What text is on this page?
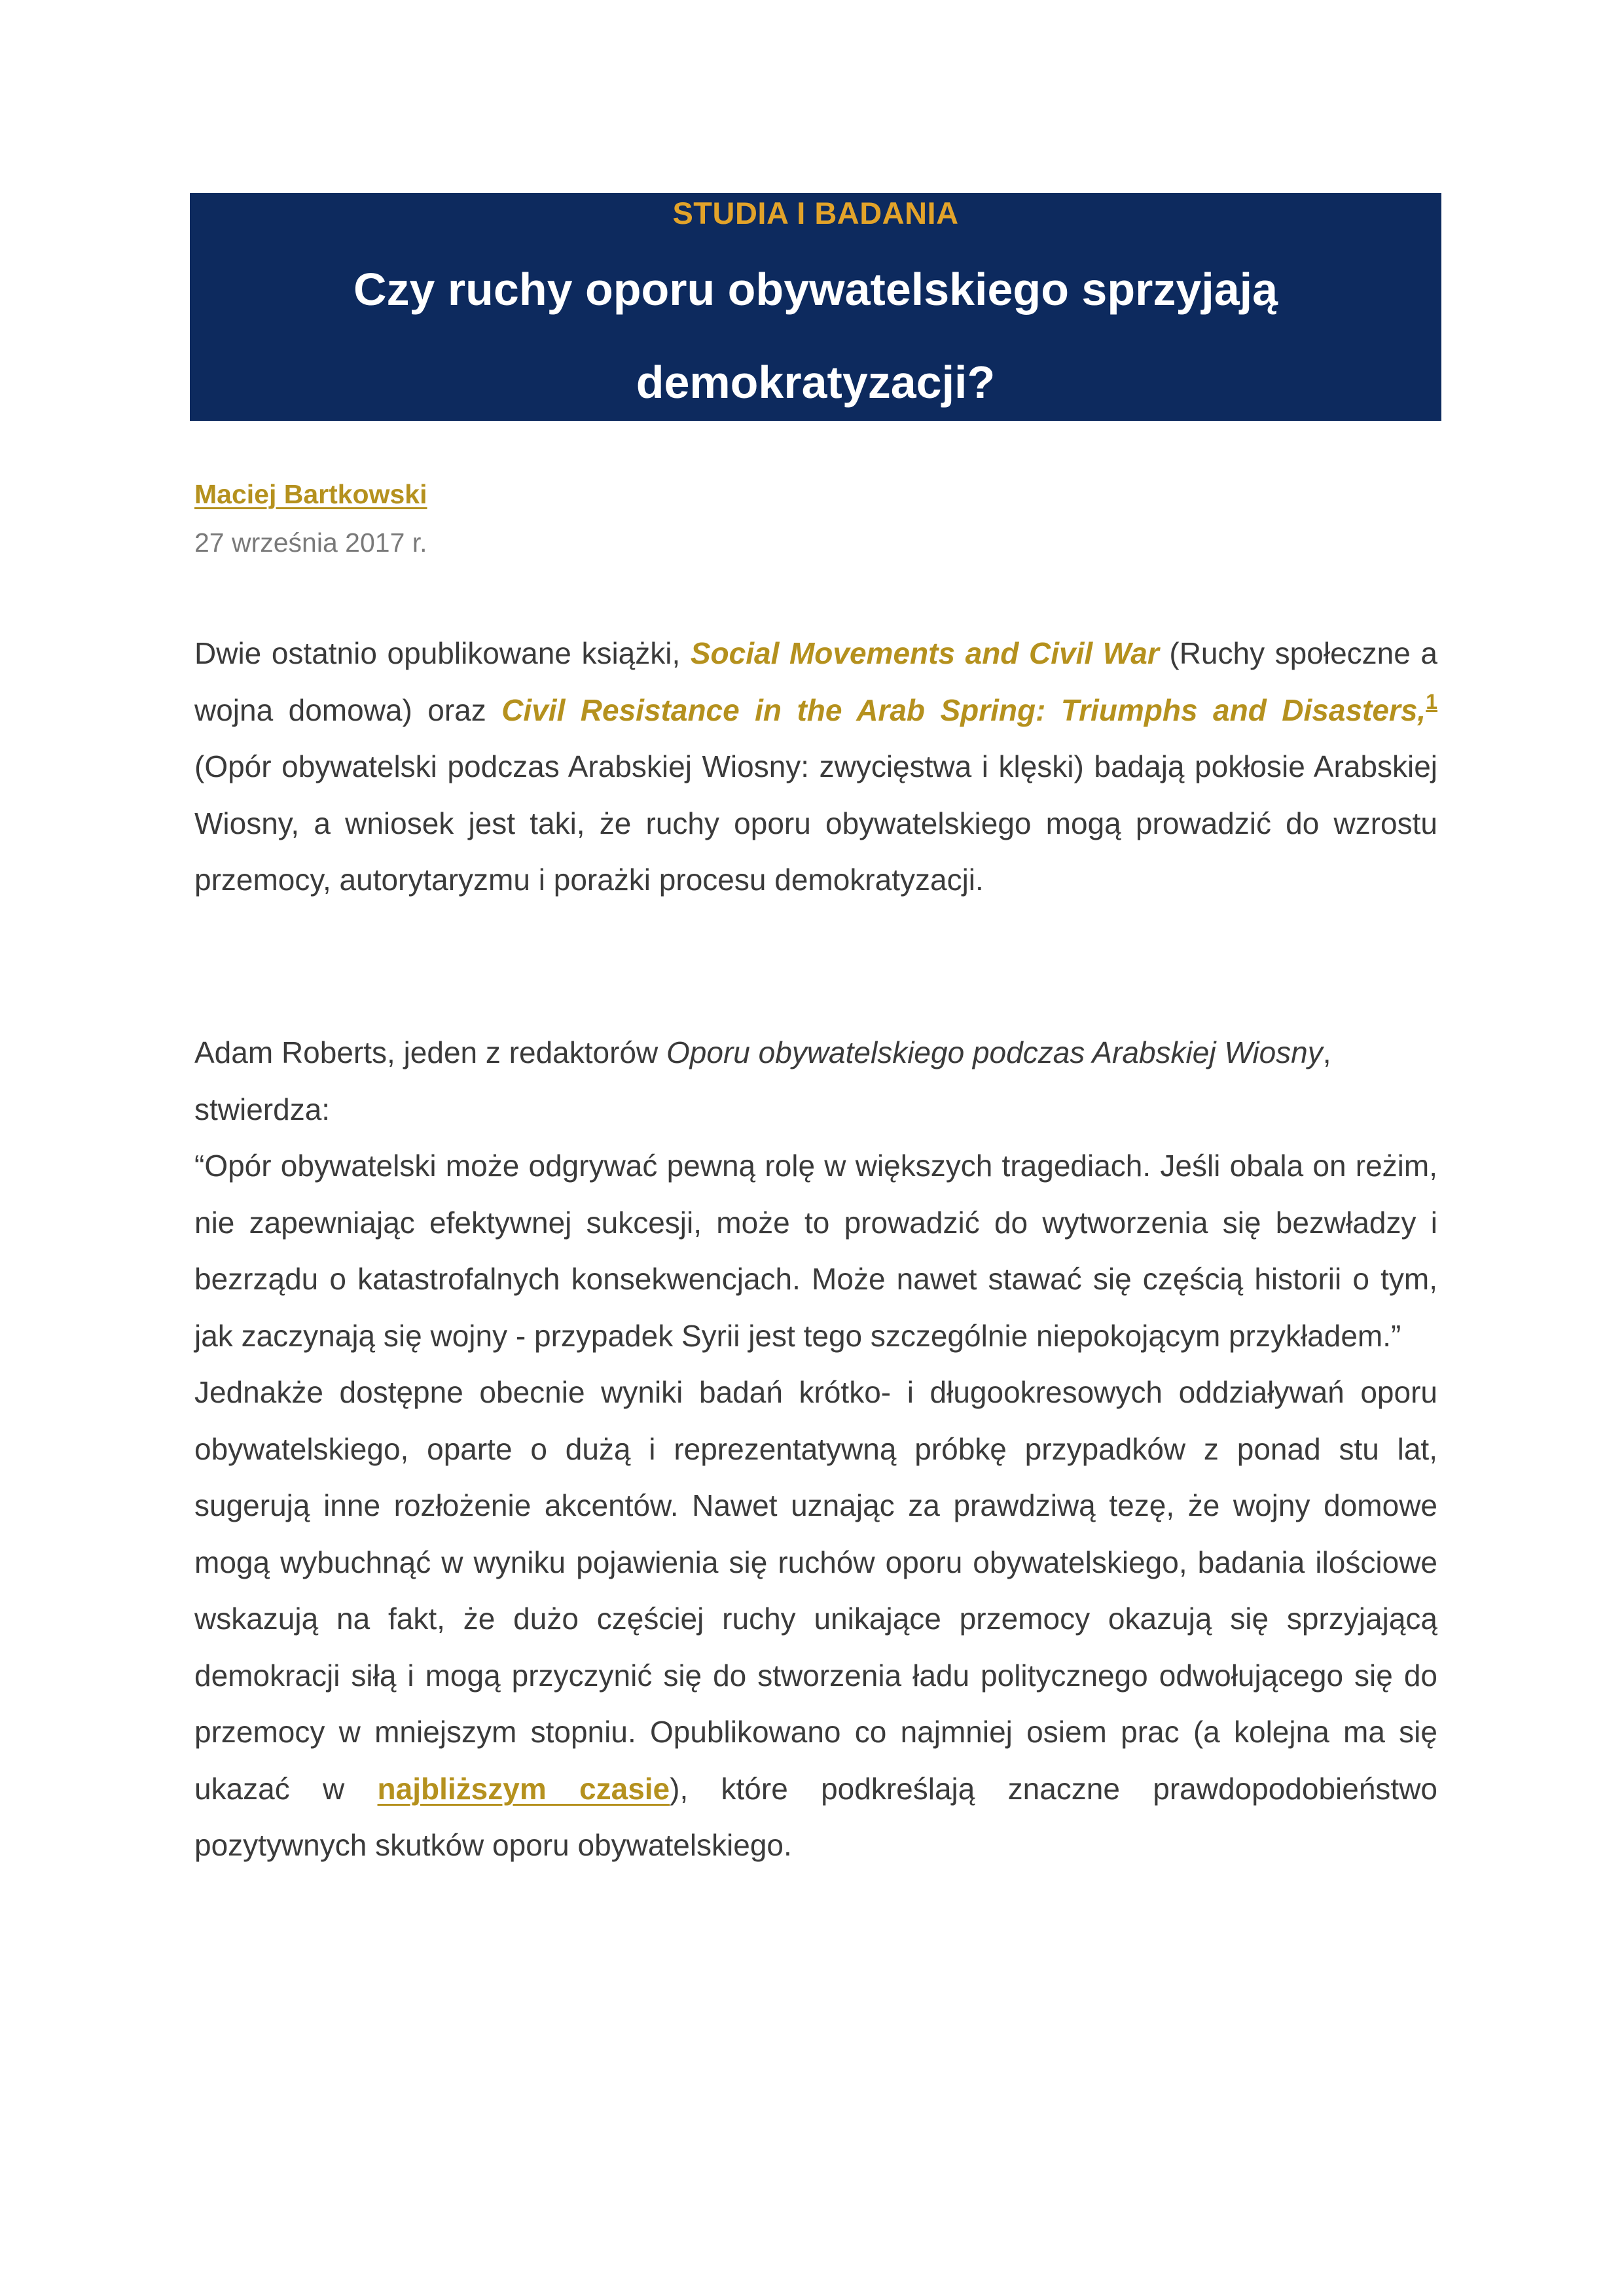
STUDIA I BADANIA
Czy ruchy oporu obywatelskiego sprzyjają demokratyzacji?
Maciej Bartkowski
27 września 2017 r.
Dwie ostatnio opublikowane książki, Social Movements and Civil War (Ruchy społeczne a wojna domowa) oraz Civil Resistance in the Arab Spring: Triumphs and Disasters,$^1$ (Opór obywatelski podczas Arabskiej Wiosny: zwycięstwa i klęski) badają pokłosie Arabskiej Wiosny, a wniosek jest taki, że ruchy oporu obywatelskiego mogą prowadzić do wzrostu przemocy, autorytaryzmu i porażki procesu demokratyzacji.
Adam Roberts, jeden z redaktorów Oporu obywatelskiego podczas Arabskiej Wiosny, stwierdza:
“Opór obywatelski może odgrywać pewną rolę w większych tragediach. Jeśli obala on reżim, nie zapewniając efektywnej sukcesji, może to prowadzić do wytworzenia się bezwładzy i bezrządu o katastrofalnych konsekwencjach. Może nawet stawać się częścią historii o tym, jak zaczynają się wojny - przypadek Syrii jest tego szczególnie niepokojącym przykładem.”
Jednakże dostępne obecnie wyniki badań krótko- i długookresowych oddziaływań oporu obywatelskiego, oparte o dużą i reprezentatywną próbkę przypadków z ponad stu lat, sugerują inne rozłożenie akcentów. Nawet uznając za prawdziwą tezę, że wojny domowe mogą wybuchnąć w wyniku pojawienia się ruchów oporu obywatelskiego, badania ilościowe wskazują na fakt, że dużo częściej ruchy unikające przemocy okazują się sprzyjającą demokracji siłą i mogą przyczynić się do stworzenia ładu politycznego odwołującego się do przemocy w mniejszym stopniu. Opublikowano co najmniej osiem prac (a kolejna ma się ukazać w najbliższym czasie), które podkreślają znaczne prawdopodobieństwo pozytywnych skutków oporu obywatelskiego.
